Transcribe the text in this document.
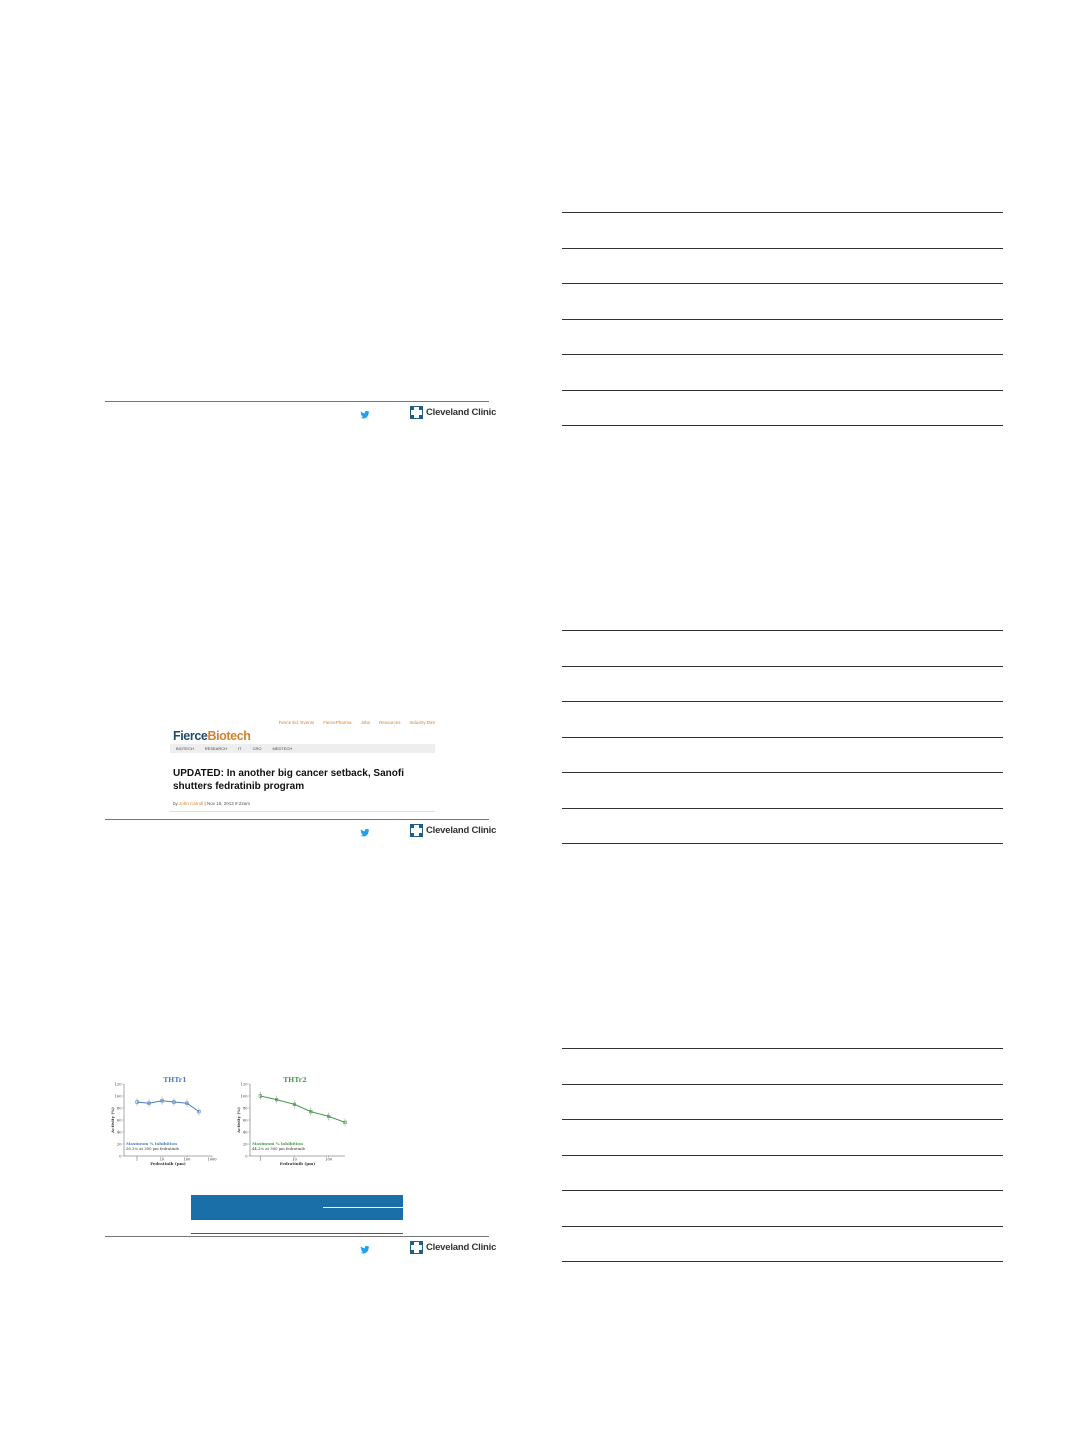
Cleveland Clinic
Fierce Ed. Events FiercePharma Jobs Resources Industry Dire
FierceBiotech
BIOTECH	RESEARCH	IT	CRO	MEDTECH
UPDATED: In another big cancer setback, Sanofi shutters fedratinib program
by John Carroll | Nov 18, 2013 9:22am
Cleveland Clinic
THTr1
0
20
40
60
80
100
120
1	10	100	1000
Fedratinib (μm)
Activity (%)
Maximum % inhibition
26.3% at 300 μm fedratinib
THTr2
0
20
40
60
80
100
120
1	10	100
Fedratinib (μm)
Activity (%)
Maximum % inhibition
44.2% at 300 μm fedratinib
Cleveland Clinic
